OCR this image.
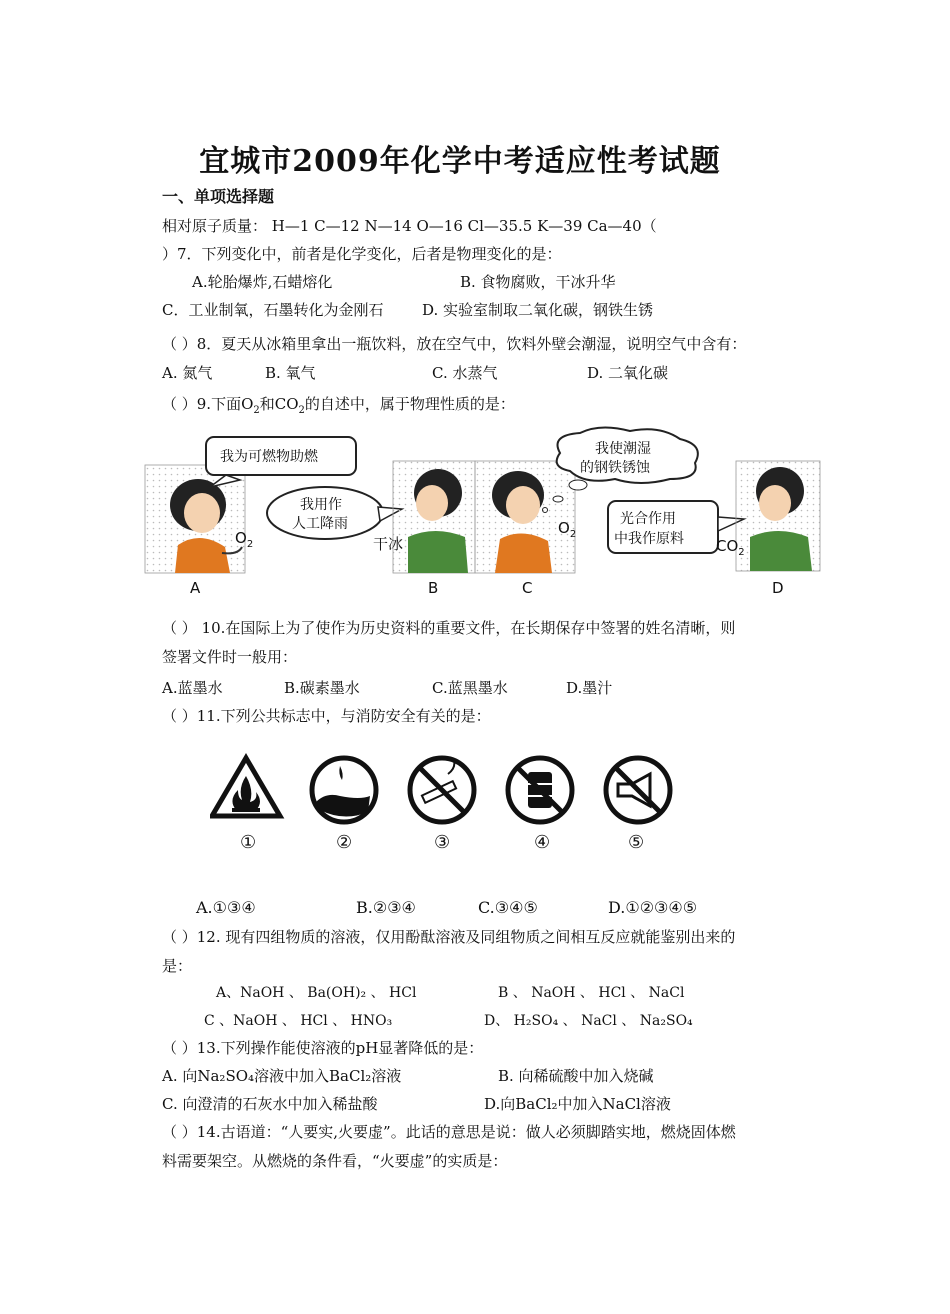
宜城市2009年化学中考适应性考试题
一、单项选择题
相对原子质量： H—1 C—12 N—14 O—16 Cl—35.5 K—39 Ca—40（
）7．下列变化中，前者是化学变化，后者是物理变化的是：
A.轮胎爆炸,石蜡熔化	B. 食物腐败，干冰升华
C．工业制氧，石墨转化为金刚石	D. 实验室制取二氧化碳，钢铁生锈
（ ）8．夏天从冰箱里拿出一瓶饮料，放在空气中，饮料外壁会潮湿，说明空气中含有：
A. 氮气	B. 氧气	C. 水蒸气	D. 二氧化碳
（ ）9.下面$O_2$和$CO_2$的自述中，属于物理性质的是：
我为可燃物助燃
$O_2$
A
我用作
人工降雨
干冰
B
$O_2$
我使潮湿
的钢铁锈蚀
C
光合作用
中我作原料 $CO_2$
D
（ ） 10.在国际上为了使作为历史资料的重要文件，在长期保存中签署的姓名清晰，则
签署文件时一般用：
A.蓝墨水	B.碳素墨水	C.蓝黑墨水	D.墨汁
（ ）11.下列公共标志中，与消防安全有关的是：
①	②	③	④	⑤
A.①③④	B.②③④	C.③④⑤	D.①②③④⑤
（ ）12. 现有四组物质的溶液，仅用酚酞溶液及同组物质之间相互反应就能鉴别出来的
是：
A、NaOH 、 Ba(OH)₂ 、 HCl	B 、 NaOH 、 HCl 、 NaCl
C 、NaOH 、 HCl 、 HNO₃	D、 H₂SO₄ 、 NaCl 、 Na₂SO₄
（ ）13.下列操作能使溶液的pH显著降低的是：
A. 向Na₂SO₄溶液中加入BaCl₂溶液	B. 向稀硫酸中加入烧碱
C. 向澄清的石灰水中加入稀盐酸	D.向BaCl₂中加入NaCl溶液
（ ）14.古语道：“人要实,火要虚”。此话的意思是说：做人必须脚踏实地，燃烧固体燃
料需要架空。从燃烧的条件看，“火要虚”的实质是：
